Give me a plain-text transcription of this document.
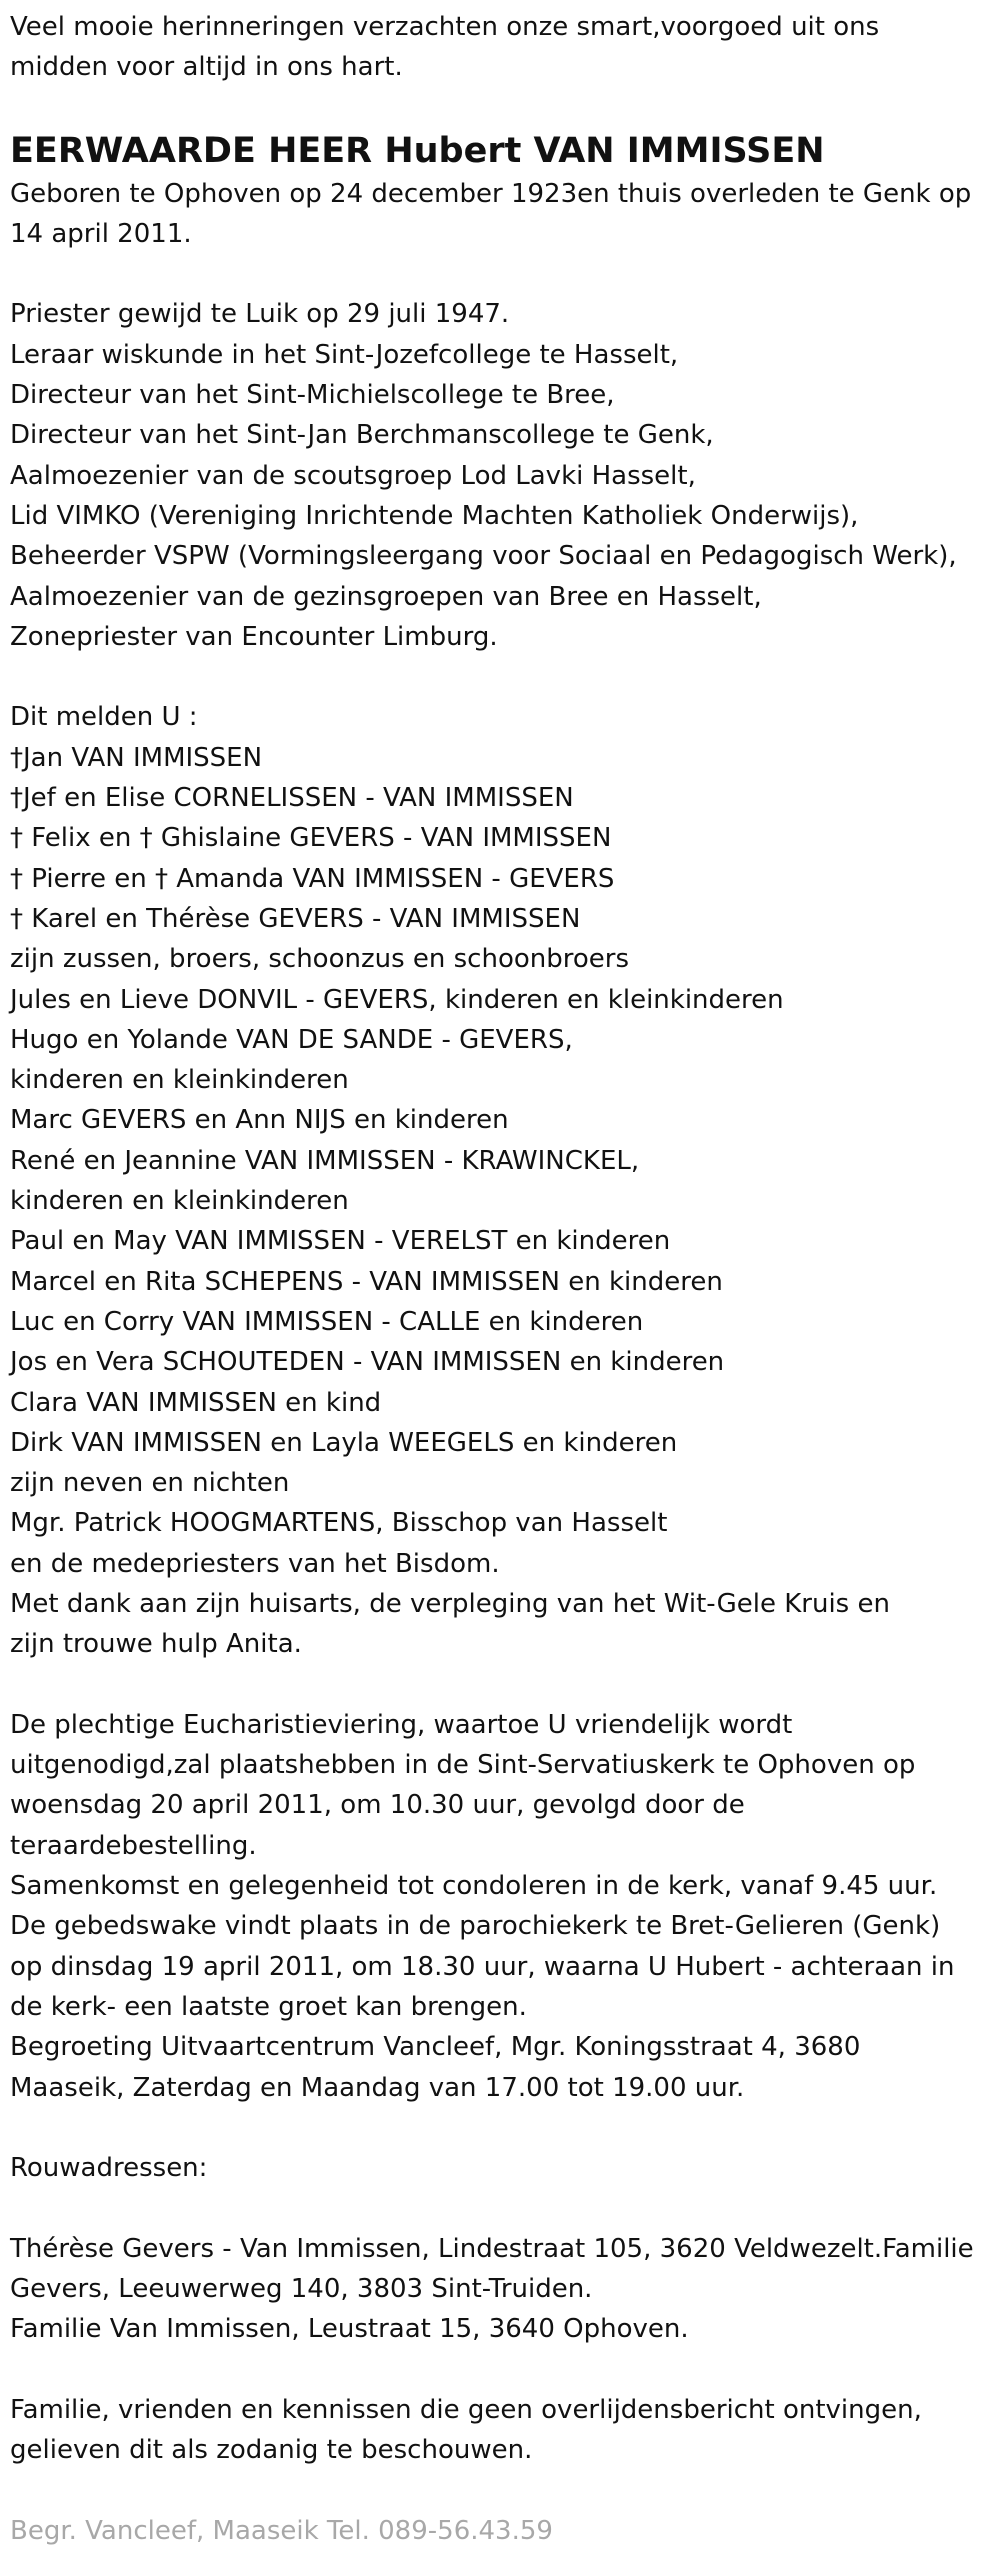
Veel mooie herinneringen verzachten onze smart,voorgoed uit ons

midden voor altijd in ons hart.

EERWAARDE HEER Hubert VAN IMMISSEN

Geboren te Ophoven op 24 december 1923en thuis overleden te Genk op

14 april 2011.

Priester gewijd te Luik op 29 juli 1947.

Leraar wiskunde in het Sint-Jozefcollege te Hasselt,

Directeur van het Sint-Michielscollege te Bree,

Directeur van het Sint-Jan Berchmanscollege te Genk,

Aalmoezenier van de scoutsgroep Lod Lavki Hasselt,

Lid VIMKO (Vereniging Inrichtende Machten Katholiek Onderwijs),

Beheerder VSPW (Vormingsleergang voor Sociaal en Pedagogisch Werk),

Aalmoezenier van de gezinsgroepen van Bree en Hasselt,

Zonepriester van Encounter Limburg.

Dit melden U :

†Jan VAN IMMISSEN

†Jef en Elise CORNELISSEN - VAN IMMISSEN

† Felix en † Ghislaine GEVERS - VAN IMMISSEN

† Pierre en † Amanda VAN IMMISSEN - GEVERS

† Karel en Thérèse GEVERS - VAN IMMISSEN

zijn zussen, broers, schoonzus en schoonbroers

Jules en Lieve DONVIL - GEVERS, kinderen en kleinkinderen

Hugo en Yolande VAN DE SANDE - GEVERS,

kinderen en kleinkinderen

Marc GEVERS en Ann NIJS en kinderen

René en Jeannine VAN IMMISSEN - KRAWINCKEL,

kinderen en kleinkinderen

Paul en May VAN IMMISSEN - VERELST en kinderen

Marcel en Rita SCHEPENS - VAN IMMISSEN en kinderen

Luc en Corry VAN IMMISSEN - CALLE en kinderen

Jos en Vera SCHOUTEDEN - VAN IMMISSEN en kinderen

Clara VAN IMMISSEN en kind

Dirk VAN IMMISSEN en Layla WEEGELS en kinderen

zijn neven en nichten

Mgr. Patrick HOOGMARTENS, Bisschop van Hasselt

en de medepriesters van het Bisdom.

Met dank aan zijn huisarts, de verpleging van het Wit-Gele Kruis en

zijn trouwe hulp Anita.

De plechtige Eucharistieviering, waartoe U vriendelijk wordt

uitgenodigd,zal plaatshebben in de Sint-Servatiuskerk te Ophoven op

woensdag 20 april 2011, om 10.30 uur, gevolgd door de

teraardebestelling.

Samenkomst en gelegenheid tot condoleren in de kerk, vanaf 9.45 uur.

De gebedswake vindt plaats in de parochiekerk te Bret-Gelieren (Genk)

op dinsdag 19 april 2011, om 18.30 uur, waarna U Hubert - achteraan in

de kerk- een laatste groet kan brengen.

Begroeting Uitvaartcentrum Vancleef, Mgr. Koningsstraat 4, 3680

Maaseik, Zaterdag en Maandag van 17.00 tot 19.00 uur.

Rouwadressen:

Thérèse Gevers - Van Immissen, Lindestraat 105, 3620 Veldwezelt.Familie

Gevers, Leeuwerweg 140, 3803 Sint-Truiden.

Familie Van Immissen, Leustraat 15, 3640 Ophoven.

Familie, vrienden en kennissen die geen overlijdensbericht ontvingen,

gelieven dit als zodanig te beschouwen.

Begr. Vancleef, Maaseik Tel. 089-56.43.59
